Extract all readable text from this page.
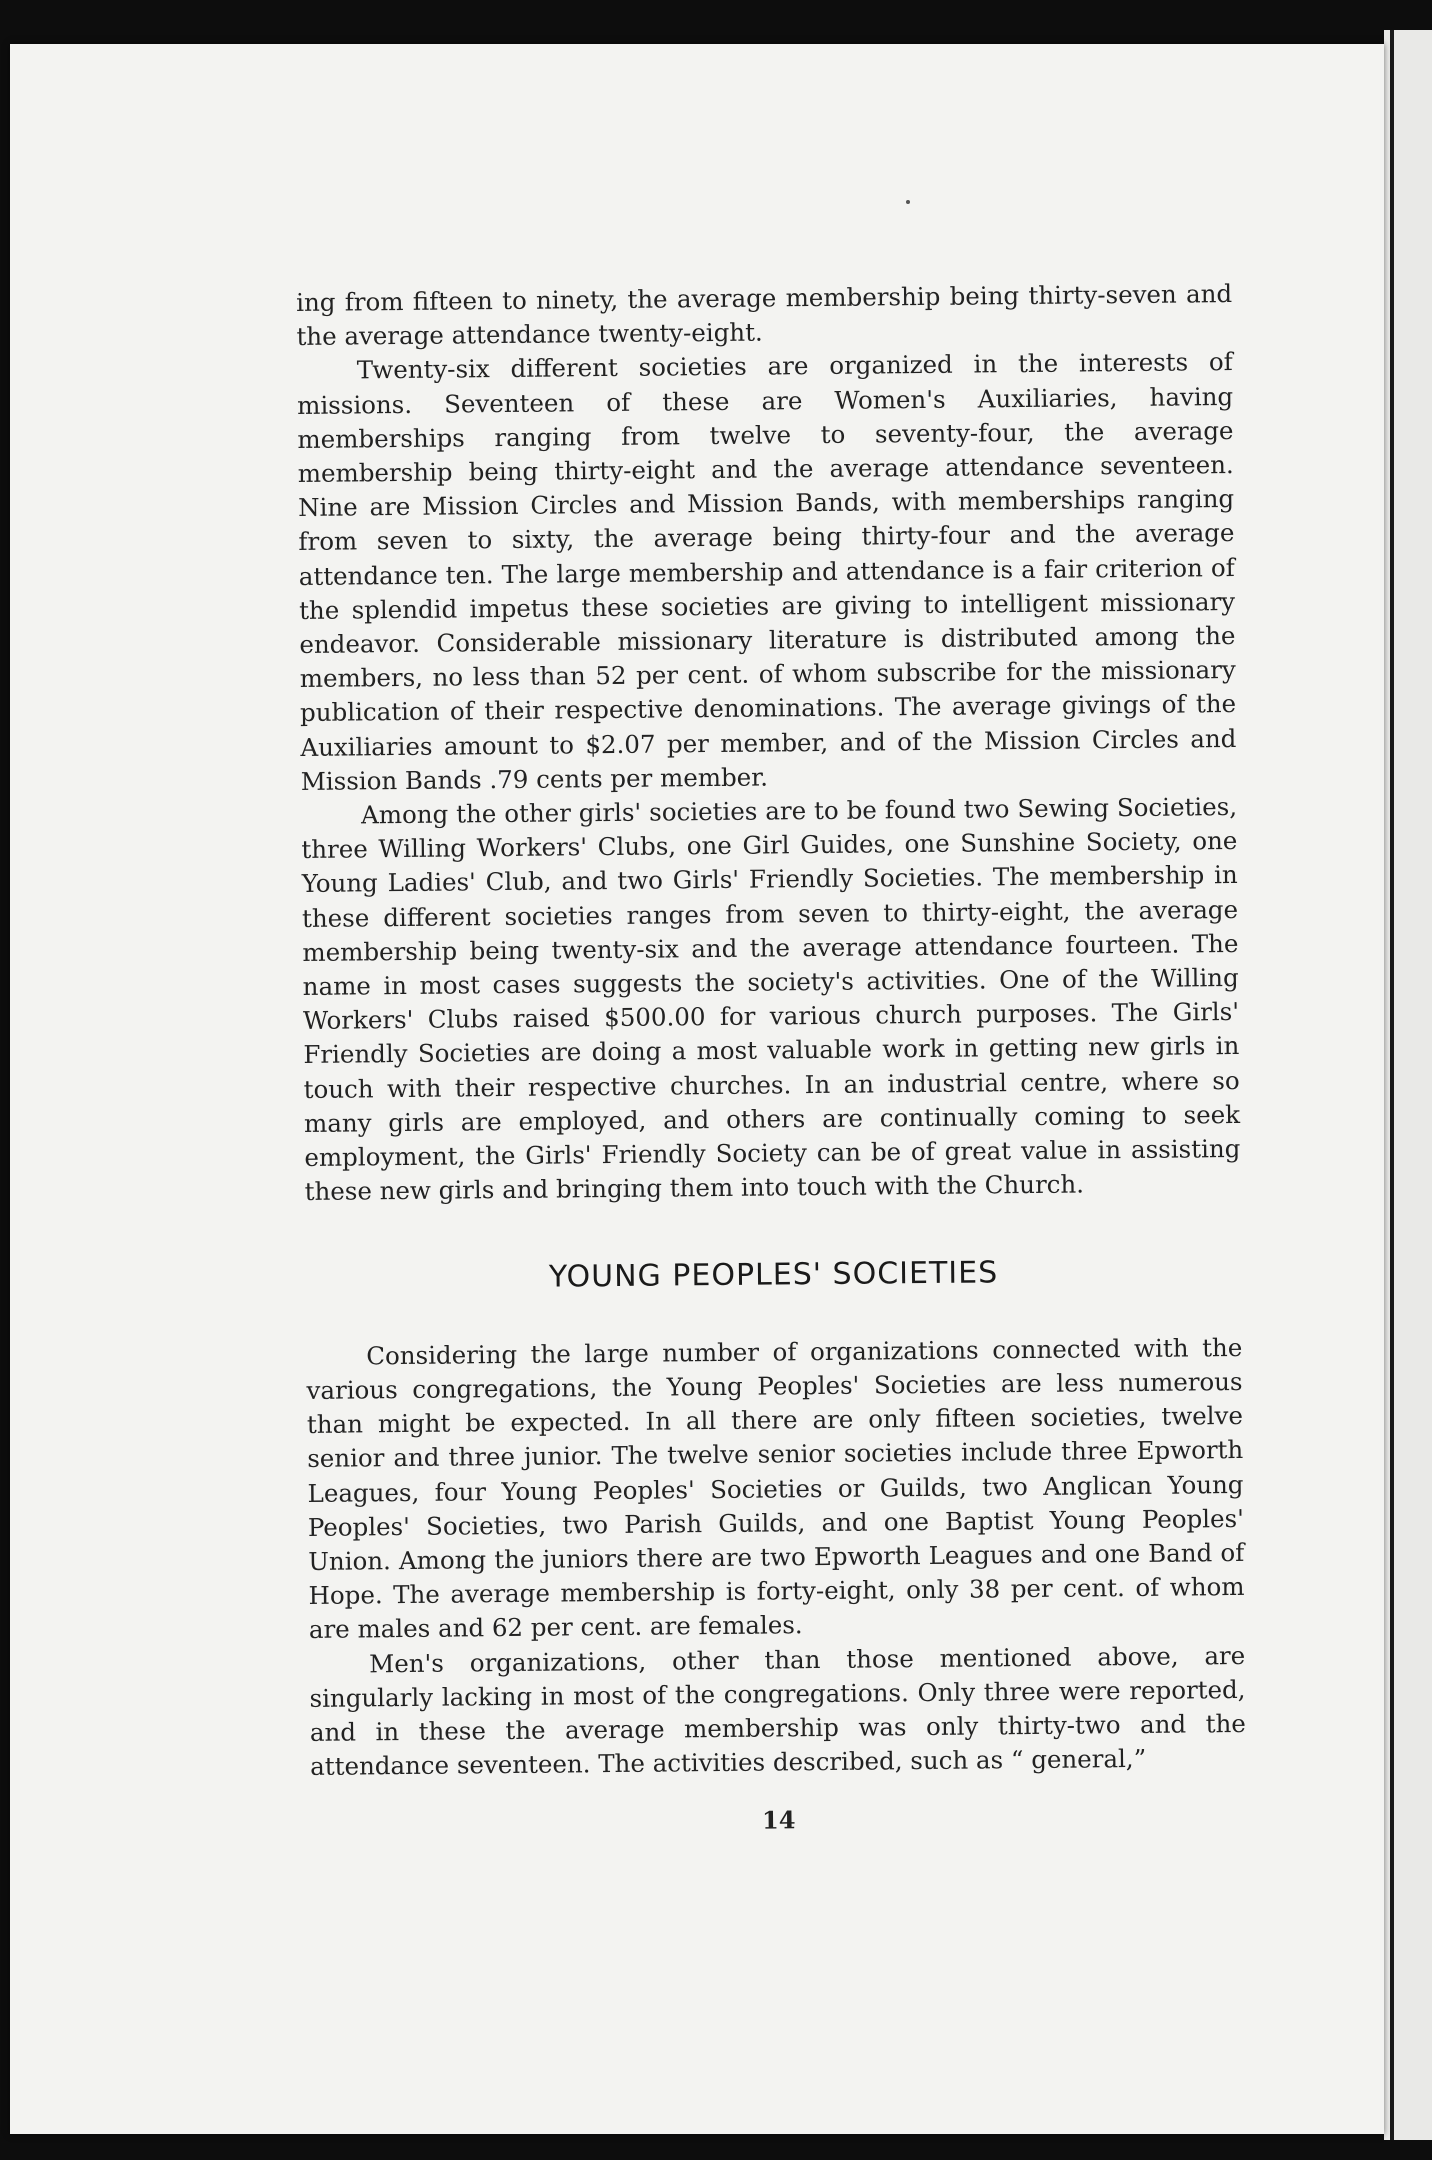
ing from fifteen to ninety, the average membership being thirty-seven and the average attendance twenty-eight.

Twenty-six different societies are organized in the interests of missions. Seventeen of these are Women's Auxiliaries, having memberships ranging from twelve to seventy-four, the average membership being thirty-eight and the average attendance seventeen. Nine are Mission Circles and Mission Bands, with memberships ranging from seven to sixty, the average being thirty-four and the average attendance ten. The large membership and attendance is a fair criterion of the splendid impetus these societies are giving to intelligent missionary endeavor. Considerable missionary literature is distributed among the members, no less than 52 per cent. of whom subscribe for the missionary publication of their respective denominations. The average givings of the Auxiliaries amount to $2.07 per member, and of the Mission Circles and Mission Bands .79 cents per member.

Among the other girls' societies are to be found two Sewing Societies, three Willing Workers' Clubs, one Girl Guides, one Sunshine Society, one Young Ladies' Club, and two Girls' Friendly Societies. The membership in these different societies ranges from seven to thirty-eight, the average membership being twenty-six and the average attendance fourteen. The name in most cases suggests the society's activities. One of the Willing Workers' Clubs raised $500.00 for various church purposes. The Girls' Friendly Societies are doing a most valuable work in getting new girls in touch with their respective churches. In an industrial centre, where so many girls are employed, and others are continually coming to seek employment, the Girls' Friendly Society can be of great value in assisting these new girls and bringing them into touch with the Church.

YOUNG PEOPLES' SOCIETIES

Considering the large number of organizations connected with the various congregations, the Young Peoples' Societies are less numerous than might be expected. In all there are only fifteen societies, twelve senior and three junior. The twelve senior societies include three Epworth Leagues, four Young Peoples' Societies or Guilds, two Anglican Young Peoples' Societies, two Parish Guilds, and one Baptist Young Peoples' Union. Among the juniors there are two Epworth Leagues and one Band of Hope. The average membership is forty-eight, only 38 per cent. of whom are males and 62 per cent. are females.

Men's organizations, other than those mentioned above, are singularly lacking in most of the congregations. Only three were reported, and in these the average membership was only thirty-two and the attendance seventeen. The activities described, such as “ general,”

14
